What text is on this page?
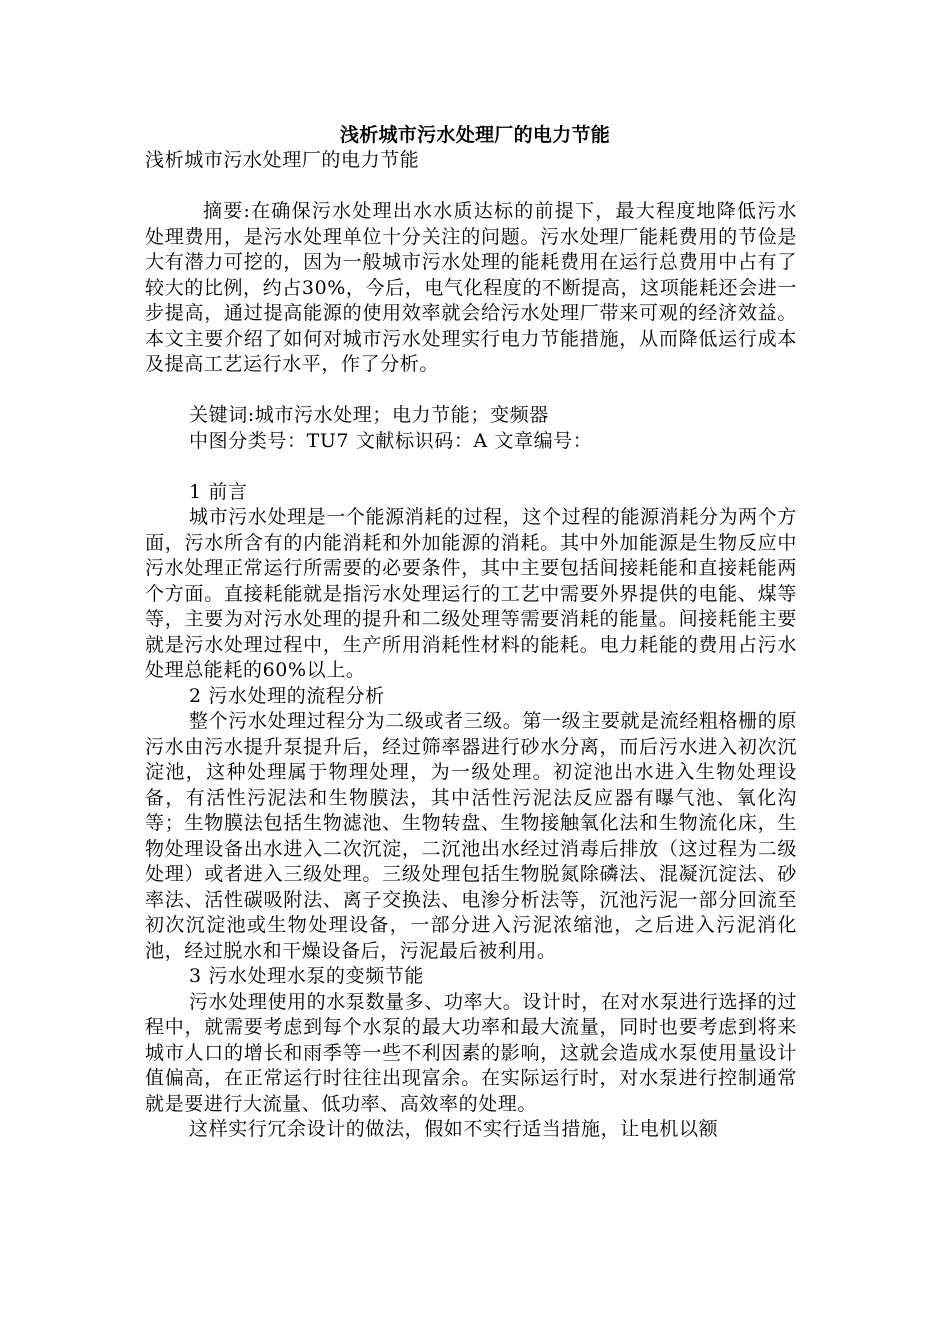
浅析城市污水处理厂的电力节能

浅析城市污水处理厂的电力节能

摘要:在确保污水处理出水水质达标的前提下，最大程度地降低污水处理费用，是污水处理单位十分关注的问题。污水处理厂能耗费用的节俭是大有潜力可挖的，因为一般城市污水处理的能耗费用在运行总费用中占有了较大的比例，约占30%，今后，电气化程度的不断提高，这项能耗还会进一步提高，通过提高能源的使用效率就会给污水处理厂带来可观的经济效益。本文主要介绍了如何对城市污水处理实行电力节能措施，从而降低运行成本及提高工艺运行水平，作了分析。

关键词:城市污水处理；电力节能；变频器

中图分类号：TU7 文献标识码：A 文章编号：

1 前言

城市污水处理是一个能源消耗的过程，这个过程的能源消耗分为两个方面，污水所含有的内能消耗和外加能源的消耗。其中外加能源是生物反应中污水处理正常运行所需要的必要条件，其中主要包括间接耗能和直接耗能两个方面。直接耗能就是指污水处理运行的工艺中需要外界提供的电能、煤等等，主要为对污水处理的提升和二级处理等需要消耗的能量。间接耗能主要就是污水处理过程中，生产所用消耗性材料的能耗。电力耗能的费用占污水处理总能耗的60%以上。

2 污水处理的流程分析

整个污水处理过程分为二级或者三级。第一级主要就是流经粗格栅的原污水由污水提升泵提升后，经过筛率器进行砂水分离，而后污水进入初次沉淀池，这种处理属于物理处理，为一级处理。初淀池出水进入生物处理设备，有活性污泥法和生物膜法，其中活性污泥法反应器有曝气池、氧化沟等；生物膜法包括生物滤池、生物转盘、生物接触氧化法和生物流化床，生物处理设备出水进入二次沉淀，二沉池出水经过消毒后排放（这过程为二级处理）或者进入三级处理。三级处理包括生物脱氮除磷法、混凝沉淀法、砂率法、活性碳吸附法、离子交换法、电渗分析法等，沉池污泥一部分回流至初次沉淀池或生物处理设备，一部分进入污泥浓缩池，之后进入污泥消化池，经过脱水和干燥设备后，污泥最后被利用。

3 污水处理水泵的变频节能

污水处理使用的水泵数量多、功率大。设计时，在对水泵进行选择的过程中，就需要考虑到每个水泵的最大功率和最大流量，同时也要考虑到将来城市人口的增长和雨季等一些不利因素的影响，这就会造成水泵使用量设计值偏高，在正常运行时往往出现富余。在实际运行时，对水泵进行控制通常就是要进行大流量、低功率、高效率的处理。

这样实行冗余设计的做法，假如不实行适当措施，让电机以额
